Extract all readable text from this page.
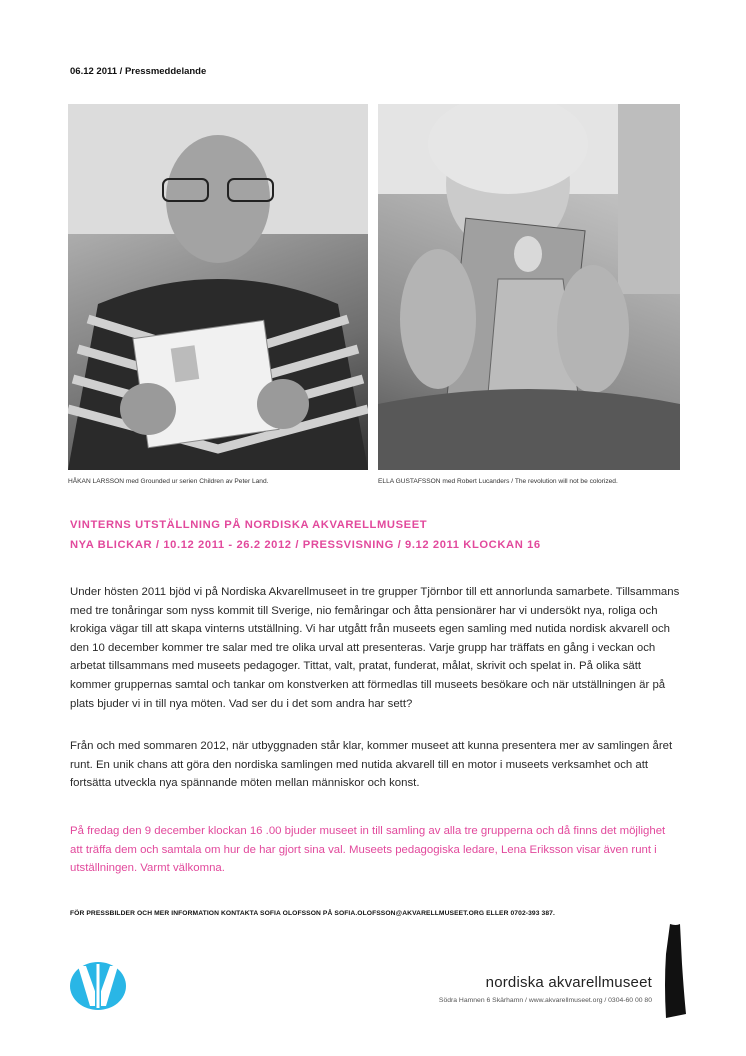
06.12 2011 / Pressmeddelande
HÅKAN LARSSON med Grounded ur serien Children av Peter Land.	ELLA GUSTAFSSON med Robert Lucanders / The revolution will not be colorized.
VINTERNS UTSTÄLLNING PÅ NORDISKA AKVARELLMUSEET
NYA BLICKAR / 10.12 2011 - 26.2 2012 / PRESSVISNING / 9.12 2011 KLOCKAN 16
Under hösten 2011 bjöd vi på Nordiska Akvarellmuseet in tre grupper Tjörnbor till ett annorlunda samarbete. Tillsammans med tre tonåringar som nyss kommit till Sverige, nio femåringar och åtta pensionärer har vi undersökt nya, roliga och krokiga vägar till att skapa vinterns utställning. Vi har utgått från museets egen samling med nutida nordisk akvarell och den 10 december kommer tre salar med tre olika urval att presenteras. Varje grupp har träffats en gång i veckan och arbetat tillsammans med museets pedagoger. Tittat, valt, pratat, funderat, målat, skrivit och spelat in. På olika sätt kommer gruppernas samtal och tankar om konstverken att förmedlas till museets besökare och när utställningen är på plats bjuder vi in till nya möten. Vad ser du i det som andra har sett?
Från och med sommaren 2012, när utbyggnaden står klar, kommer museet att kunna presentera mer av samlingen året runt. En unik chans att göra den nordiska samlingen med nutida akvarell till en motor i museets verksamhet och att fortsätta utveckla nya spännande möten mellan människor och konst.
På fredag den 9 december klockan 16 .00 bjuder museet in till samling av alla tre grupperna och då finns det möjlighet att träffa dem och samtala om hur de har gjort sina val. Museets pedagogiska ledare, Lena Eriksson visar även runt i utställningen. Varmt välkomna.
FÖR PRESSBILDER OCH MER INFORMATION KONTAKTA SOFIA OLOFSSON PÅ SOFIA.OLOFSSON@AKVARELLMUSEET.ORG ELLER 0702-393 387.
nordiska akvarellmuseet
Södra Hamnen 6 Skärhamn / www.akvarellmuseet.org / 0304-60 00 80
